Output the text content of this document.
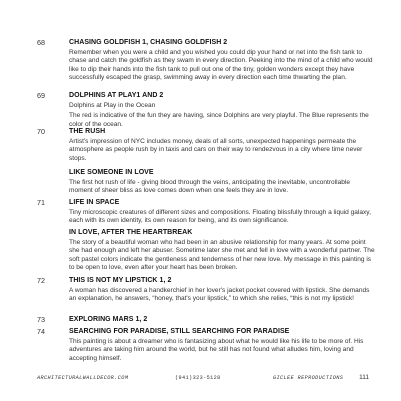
68	CHASING GOLDFISH 1, CHASING GOLDFISH 2
Remember when you were a child and you wished you could dip your hand or net into the fish tank to chase and catch the goldfish as they swam in every direction. Peeking into the mind of a child who would like to dip their hands into the fish tank to pull out one of the tiny, golden wonders except they have successfully escaped the grasp, swimming away in every direction each time thwarting the plan.
69	DOLPHINS AT PLAY1 AND 2
Dolphins at Play in the Ocean
The red is indicative of the fun they are having, since Dolphins are very playful. The Blue represents the color of the ocean.
70	THE RUSH
Artist's impression of NYC includes money, deals of all sorts, unexpected happenings permeate the atmosphere as people rush by in taxis and cars on their way to rendezvous in a city where time never stops.
LIKE SOMEONE IN LOVE
The first hot rush of life - giving blood through the veins, anticipating the inevitable, uncontrollable moment of sheer bliss as love comes down when one feels they are in love.
71	LIFE IN SPACE
Tiny microscopic creatures of different sizes and compositions. Floating blissfully through a liquid galaxy, each with its own identity, its own reason for being, and its own significance.
IN LOVE, AFTER THE HEARTBREAK
The story of a beautiful woman who had been in an abusive relationship for many years. At some point she had enough and left her abuser. Sometime later she met and fell in love with a wonderful partner. The soft pastel colors indicate the gentleness and tenderness of her new love. My message in this painting is to be open to love, even after your heart has been broken.
72	THIS IS NOT MY LIPSTICK 1, 2
A woman has discovered a handkerchief in her lover's jacket pocket covered with lipstick. She demands an explanation, he answers, “honey, that's your lipstick,” to which she relies, “this is not my lipstick!
73	EXPLORING MARS 1, 2
74	SEARCHING FOR PARADISE, STILL SEARCHING FOR PARADISE
This painting is about a dreamer who is fantasizing about what he would like his life to be more of. His adventures are taking him around the world, but he still has not found what alludes him, loving and accepting himself.
ARCHITECTURALWALLDECOR.COM	(941)323-5128	GICLEE REPRODUCTIONS 111
